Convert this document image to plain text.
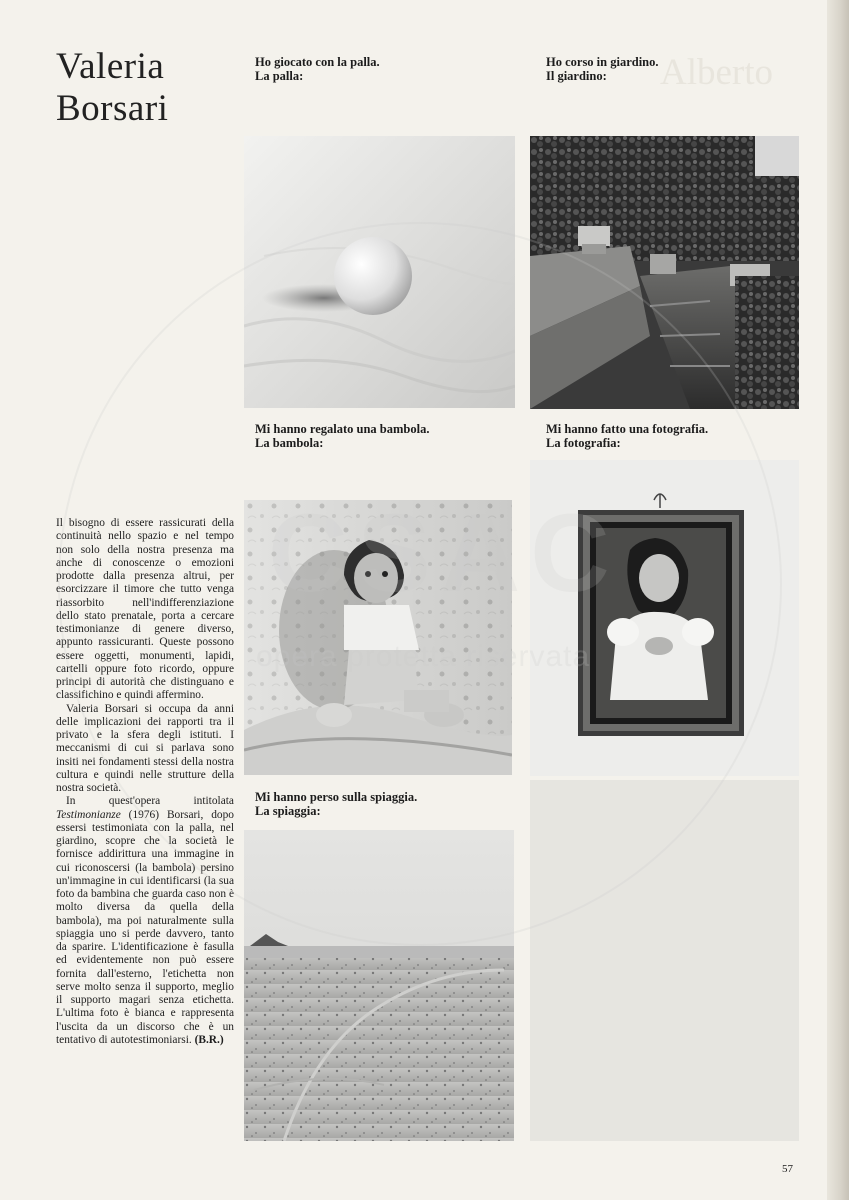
Alberto
Valeria
Borsari
Ho giocato con la palla.
La palla:
Ho corso in giardino.
Il giardino:
Mi hanno regalato una bambola.
La bambola:
Mi hanno fatto una fotografia.
La fotografia:
Mi hanno perso sulla spiaggia.
La spiaggia:

Il bisogno di essere rassicurati della continuità nello spazio e nel tempo non solo della nostra presenza ma anche di conoscenze o emozioni prodotte dalla presenza altrui, per esorcizzare il timore che tutto venga riassorbito nell'indifferenziazione dello stato prenatale, porta a cercare testimonianze di genere diverso, appunto rassicuranti. Queste possono essere oggetti, monumenti, lapidi, cartelli oppure foto ricordo, oppure principi di autorità che distinguano e classifichino e quindi affermino.

Valeria Borsari si occupa da anni delle implicazioni dei rapporti tra il privato e la sfera degli istituti. I meccanismi di cui si parlava sono insiti nei fondamenti stessi della nostra cultura e quindi nelle strutture della nostra società.

In quest'opera intitolata Testimonianze (1976) Borsari, dopo essersi testimoniata con la palla, nel giardino, scopre che la società le fornisce addirittura una immagine in cui riconoscersi (la bambola) persino un'immagine in cui identificarsi (la sua foto da bambina che guarda caso non è molto diversa da quella della bambola), ma poi naturalmente sulla spiaggia uno si perde davvero, tanto da sparire. L'identificazione è fasulla ed evidentemente non può essere fornita dall'esterno, l'etichetta non serve molto senza il supporto, meglio il supporto magari senza etichetta. L'ultima foto è bianca e rappresenta l'uscita da un discorso che è un tentativo di autotestimoniarsi. (B.R.)

CSAC
opera protetta riservata
57
